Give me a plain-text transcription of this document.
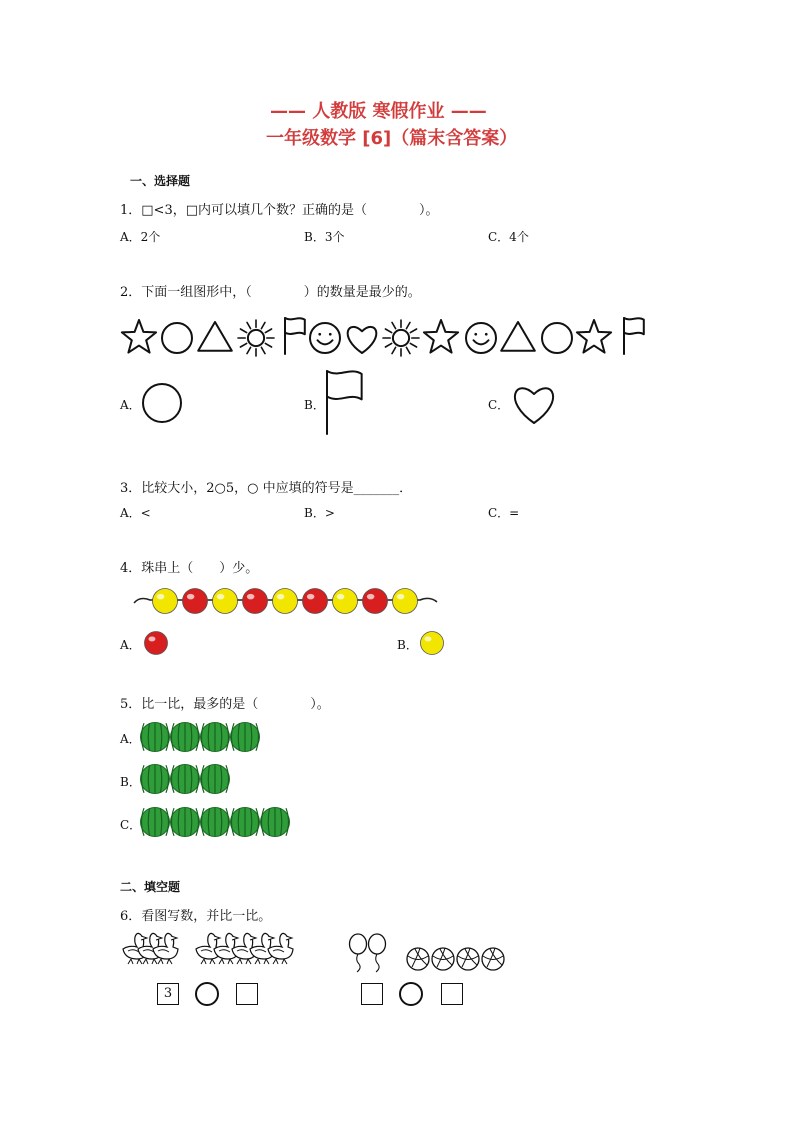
—— 人教版 寒假作业 ——
一年级数学 [6]（篇末含答案）
一、选择题
1．□<3，□内可以填几个数？正确的是（　　　　）。
A．2个	B．3个	C．4个
2．下面一组图形中，（　　　　）的数量是最少的。
A．	B．	C．
3．比较大小，2○5，○ 中应填的符号是_______．
A．<	B．>	C．=
4．珠串上（　　）少。
A．	B．
5．比一比，最多的是（　　　　）。
A．
B．
C．
二、填空题
6．看图写数，并比一比。
3
